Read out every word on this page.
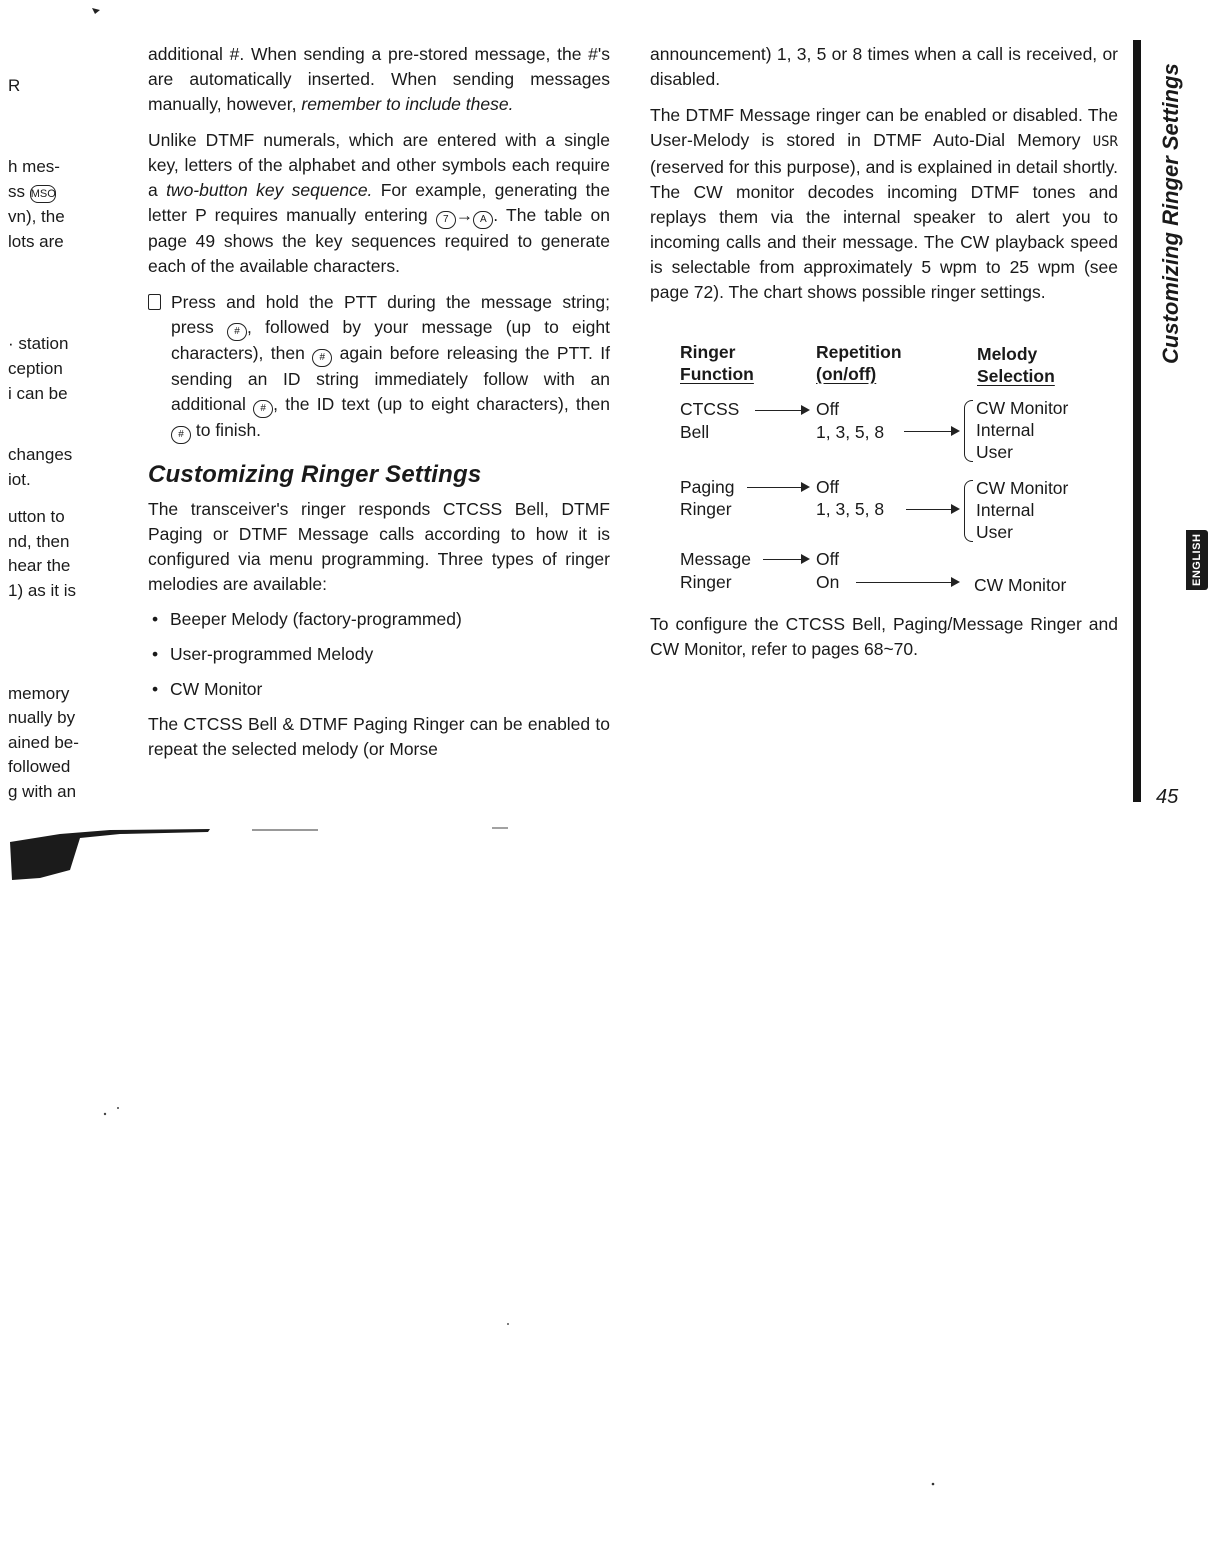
R
h mes-
ss MSO
vn), the
lots are
· station
ception
i can be
changes
iot.
utton to
nd, then
hear the
1) as it is
memory
nually by
ained be-
followed
g with an

additional #. When sending a pre-stored message, the #'s are automatically inserted. When sending messages manually, however, remember to include these.

Unlike DTMF numerals, which are entered with a single key, letters of the alphabet and other symbols each require a two-button key sequence. For example, generating the letter P requires manually entering 7 → A . The table on page 49 shows the key sequences required to generate each of the available characters.

Press and hold the PTT during the message string; press # , followed by your message (up to eight characters), then # again before releasing the PTT. If sending an ID string immediately follow with an additional # , the ID text (up to eight characters), then # to finish.

Customizing Ringer Settings

The transceiver's ringer responds CTCSS Bell, DTMF Paging or DTMF Message calls according to how it is configured via menu programming. Three types of ringer melodies are available:

• Beeper Melody (factory-programmed)
• User-programmed Melody
• CW Monitor

The CTCSS Bell & DTMF Paging Ringer can be enabled to repeat the selected melody (or Morse

announcement) 1, 3, 5 or 8 times when a call is received, or disabled.

The DTMF Message ringer can be enabled or disabled. The User-Melody is stored in DTMF Auto-Dial Memory USR (reserved for this purpose), and is explained in detail shortly. The CW monitor decodes incoming DTMF tones and replays them via the internal speaker to alert you to incoming calls and their message. The CW playback speed is selectable from approximately 5 wpm to 25 wpm (see page 72). The chart shows possible ringer settings.

Ringer
Function
Repetition
(on/off)
Melody
Selection
CTCSS
Bell
Off
1, 3, 5, 8
CW Monitor
Internal
User
Paging
Ringer
Off
1, 3, 5, 8
CW Monitor
Internal
User
Message
Ringer
Off
On	CW Monitor
To configure the CTCSS Bell, Paging/Message Ringer and CW Monitor, refer to pages 68~70.
Customizing Ringer Settings
ENGLISH
45
